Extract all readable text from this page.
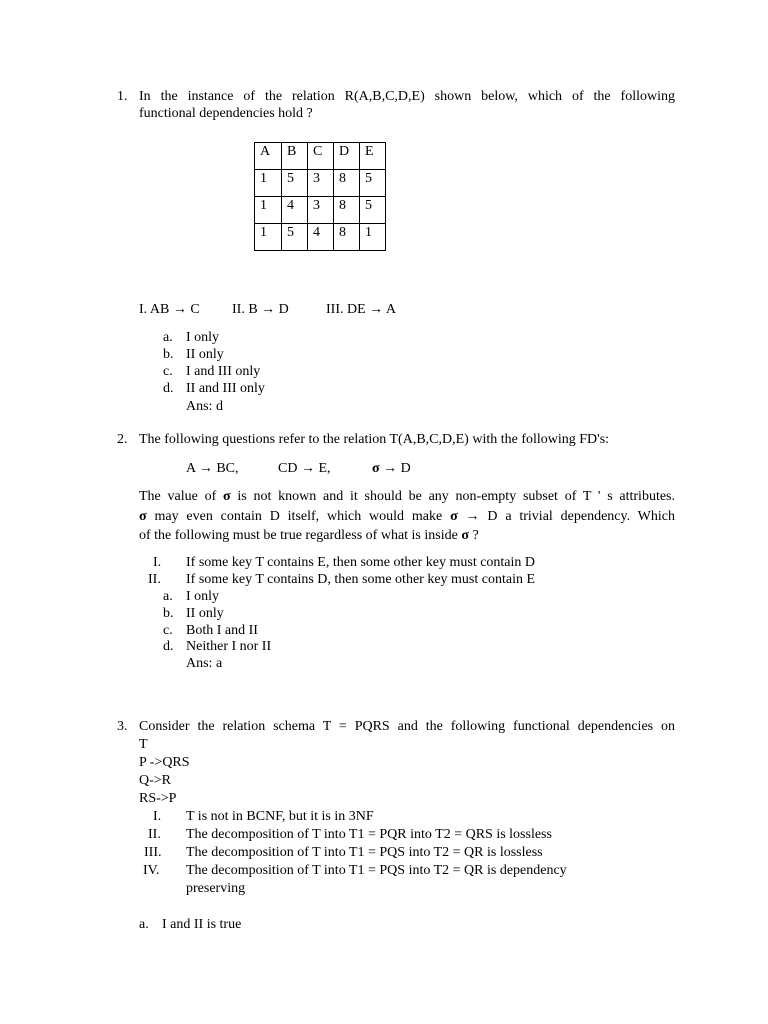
1. In the instance of the relation R(A,B,C,D,E) shown below, which of the following
functional dependencies hold ?
A	B	C	D	E
1	5	3	8	5
1	4	3	8	5
1	5	4	8	1
I. AB → C II. B → D	III. DE → A
a. I only
b. II only
c. I and III only
d. II and III only
Ans: d
2. The following questions refer to the relation T(A,B,C,D,E) with the following FD's:
A → BC,	CD → E,	σ → D
The value of σ is not known and it should be any non-empty subset of T ' s attributes.
σ may even contain D itself, which would make σ → D a trivial dependency. Which
of the following must be true regardless of what is inside σ ?
I. If some key T contains E, then some other key must contain D
II. If some key T contains D, then some other key must contain E
a. I only
b. II only
c. Both I and II
d. Neither I nor II
Ans: a
3. Consider the relation schema T = PQRS and the following functional dependencies on
T
P ->QRS
Q->R
RS->P
I. T is not in BCNF, but it is in 3NF
II. The decomposition of T into T1 = PQR into T2 = QRS is lossless
III. The decomposition of T into T1 = PQS into T2 = QR is lossless
IV. The decomposition of T into T1 = PQS into T2 = QR is dependency
preserving
a. I and II is true
